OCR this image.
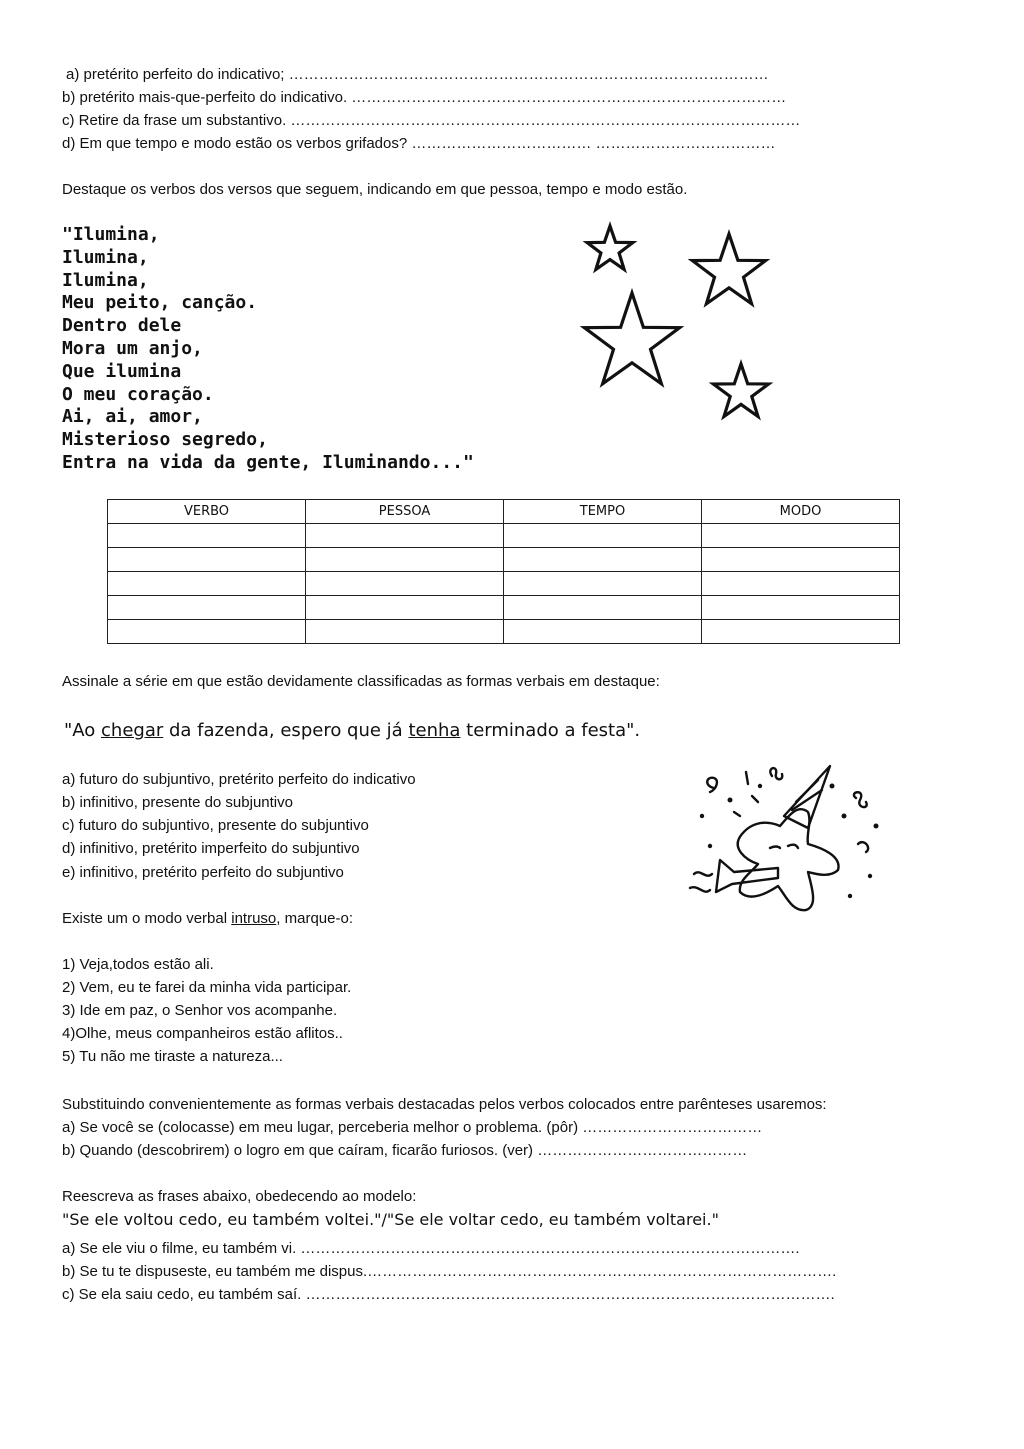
a) pretérito perfeito do indicativo; ……………………………………………………………………………………
b) pretérito mais-que-perfeito do indicativo. ……………………………………………………………………………
c) Retire da frase um substantivo. …………………………………………………………………………………………
d) Em que tempo e modo estão os verbos grifados? ……………………………… ………………………………
Destaque os verbos dos versos que seguem, indicando em que pessoa, tempo e modo estão.
"Ilumina,
Ilumina,
Ilumina,
Meu peito, canção.
Dentro dele
Mora um anjo,
Que ilumina
O meu coração.
Ai, ai, amor,
Misterioso segredo,
Entra na vida da gente, Iluminando..."
VERBO	PESSOA	TEMPO	MODO

Assinale a série em que estão devidamente classificadas as formas verbais em destaque:
"Ao chegar da fazenda, espero que já tenha terminado a festa".
a) futuro do subjuntivo, pretérito perfeito do indicativo
b) infinitivo, presente do subjuntivo
c) futuro do subjuntivo, presente do subjuntivo
d) infinitivo, pretérito imperfeito do subjuntivo
e) infinitivo, pretérito perfeito do subjuntivo
Existe um o modo verbal intruso, marque-o:
1) Veja,todos estão ali.
2) Vem, eu te farei da minha vida participar.
3) Ide em paz, o Senhor vos acompanhe.
4)Olhe, meus companheiros estão aflitos..
5) Tu não me tiraste a natureza...
Substituindo convenientemente as formas verbais destacadas pelos verbos colocados entre parênteses usaremos:
a) Se você se (colocasse) em meu lugar, perceberia melhor o problema. (pôr) ………………………………
b) Quando (descobrirem) o logro em que caíram, ficarão furiosos. (ver) ……………………………………
Reescreva as frases abaixo, obedecendo ao modelo:
"Se ele voltou cedo, eu também voltei."/"Se ele voltar cedo, eu também voltarei."
a) Se ele viu o filme, eu também vi. ……………………………………………………………………………………….
b) Se tu te dispuseste, eu também me dispus.………………………………………………………………………………….
c) Se ela saiu cedo, eu também saí. …………………………………………………………………………………………….
